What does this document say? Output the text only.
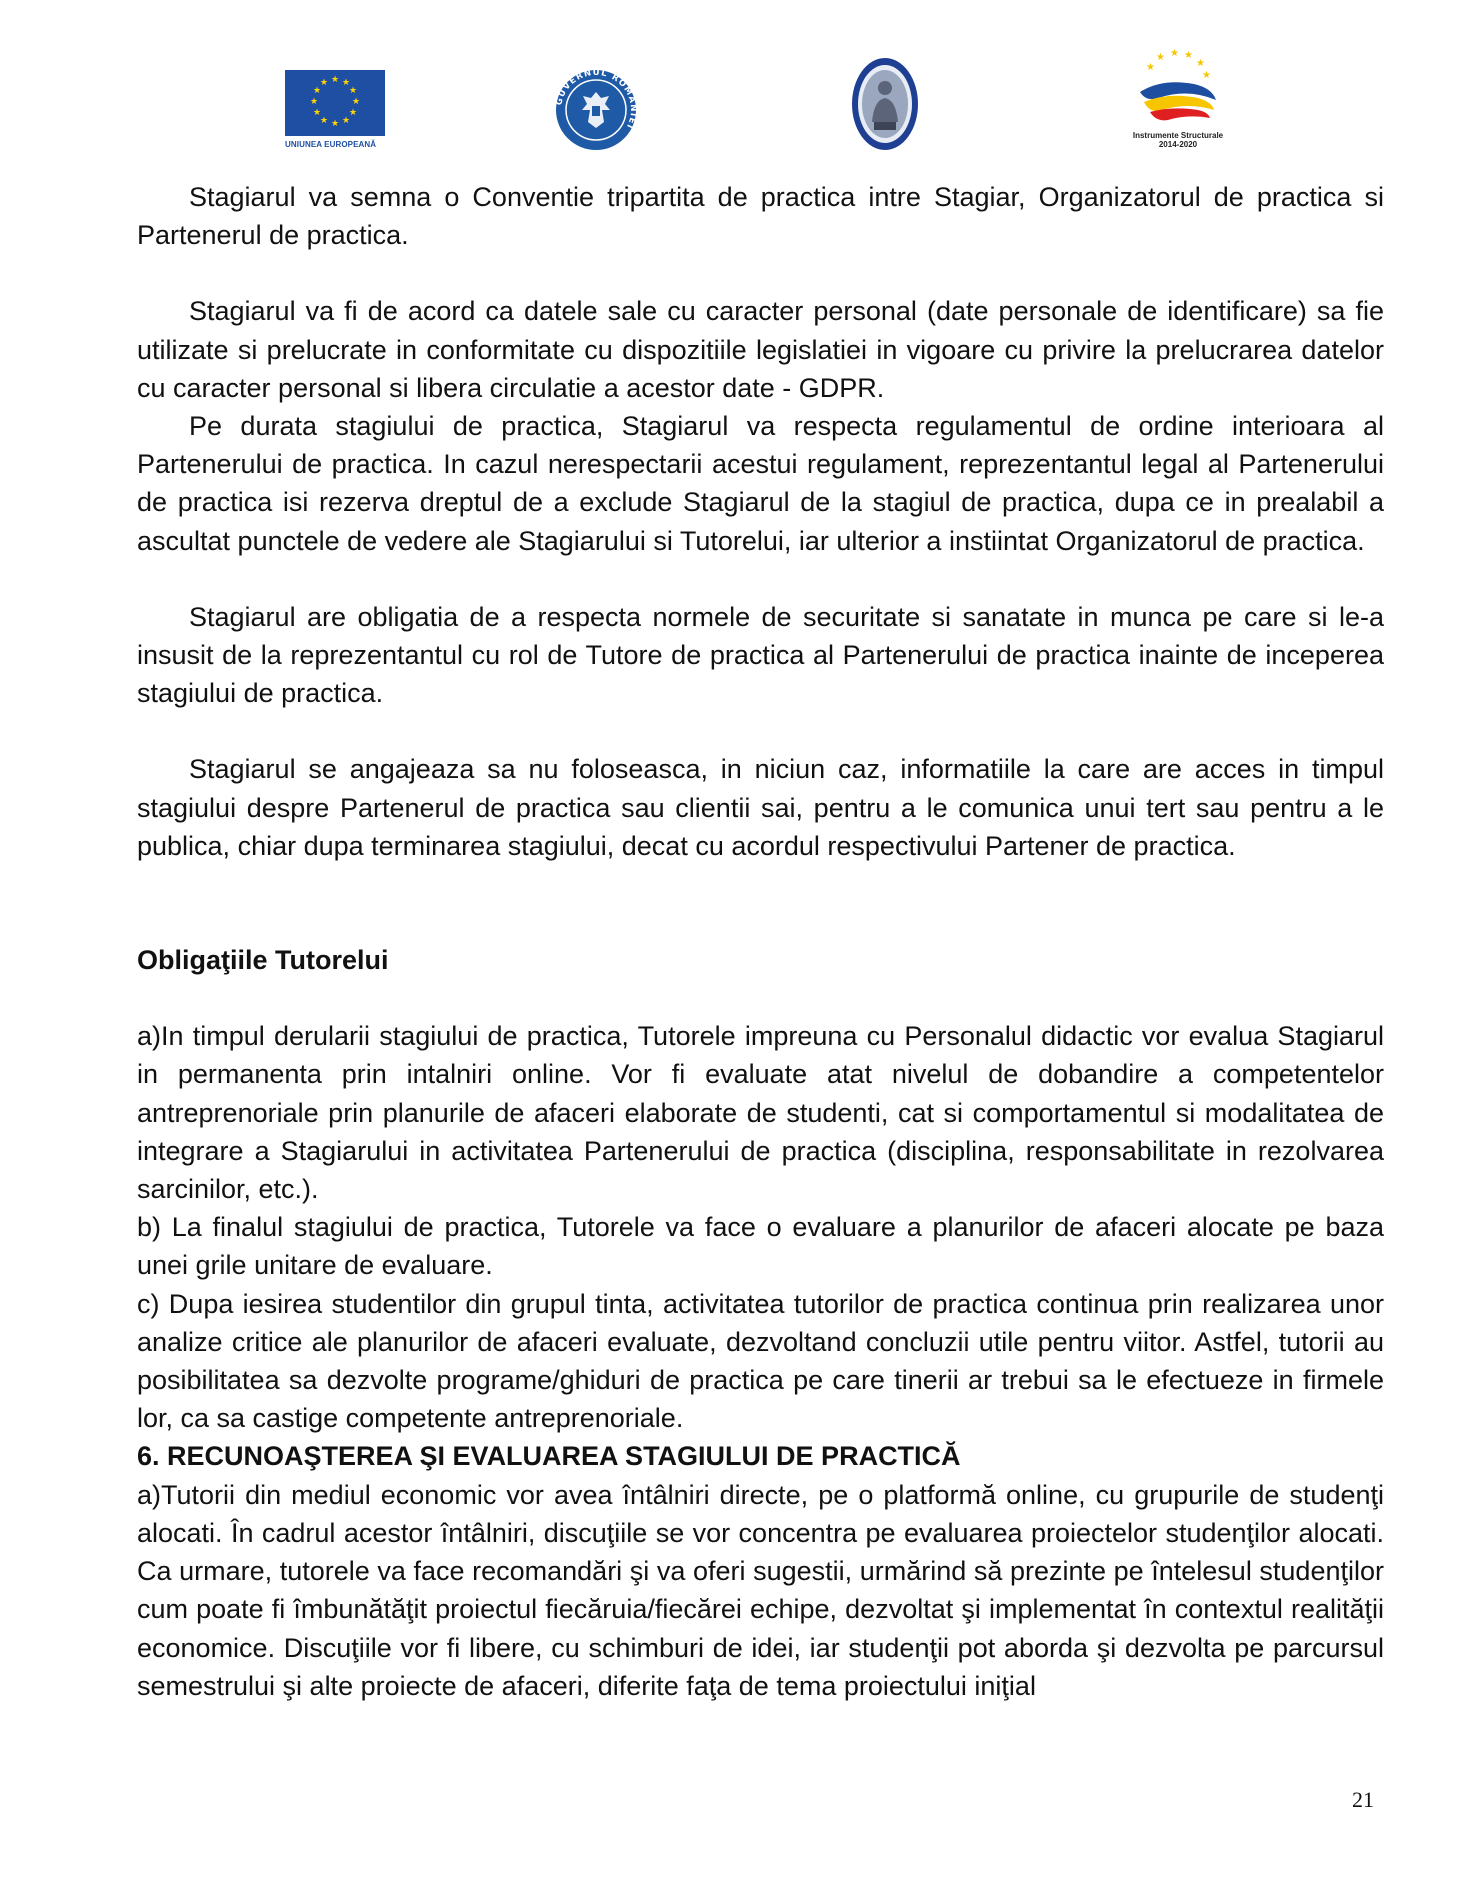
★ ★
★
★
★
★
★
★
★
★
★
★
UNIUNEA EUROPEANĂ
GUVERNUL ROMÂNIEI
★ ★ ★
★
★
★
Instrumente Structurale
2014-2020

Stagiarul va semna o Conventie tripartita de practica intre Stagiar, Organizatorul de practica si Partenerul de practica.

Stagiarul va fi de acord ca datele sale cu caracter personal (date personale de identificare) sa fie utilizate si prelucrate in conformitate cu dispozitiile legislatiei in vigoare cu privire la prelucrarea datelor cu caracter personal si libera circulatie a acestor date - GDPR.

Pe durata stagiului de practica, Stagiarul va respecta regulamentul de ordine interioara al Partenerului de practica. In cazul nerespectarii acestui regulament, reprezentantul legal al Partenerului de practica isi rezerva dreptul de a exclude Stagiarul de la stagiul de practica, dupa ce in prealabil a ascultat punctele de vedere ale Stagiarului si Tutorelui, iar ulterior a instiintat Organizatorul de practica.

Stagiarul are obligatia de a respecta normele de securitate si sanatate in munca pe care si le-a insusit de la reprezentantul cu rol de Tutore de practica al Partenerului de practica inainte de inceperea stagiului de practica.

Stagiarul se angajeaza sa nu foloseasca, in niciun caz, informatiile la care are acces in timpul stagiului despre Partenerul de practica sau clientii sai, pentru a le comunica unui tert sau pentru a le publica, chiar dupa terminarea stagiului, decat cu acordul respectivului Partener de practica.

Obligaţiile Tutorelui

a)In timpul derularii stagiului de practica, Tutorele impreuna cu Personalul didactic vor evalua Stagiarul in permanenta prin intalniri online. Vor fi evaluate atat nivelul de dobandire a competentelor antreprenoriale prin planurile de afaceri elaborate de studenti, cat si comportamentul si modalitatea de integrare a Stagiarului in activitatea Partenerului de practica (disciplina, responsabilitate in rezolvarea sarcinilor, etc.).

b) La finalul stagiului de practica, Tutorele va face o evaluare a planurilor de afaceri alocate pe baza unei grile unitare de evaluare.

c) Dupa iesirea studentilor din grupul tinta, activitatea tutorilor de practica continua prin realizarea unor analize critice ale planurilor de afaceri evaluate, dezvoltand concluzii utile pentru viitor. Astfel, tutorii au posibilitatea sa dezvolte programe/ghiduri de practica pe care tinerii ar trebui sa le efectueze in firmele lor, ca sa castige competente antreprenoriale.

6. RECUNOAŞTEREA ŞI EVALUAREA STAGIULUI DE PRACTICĂ

a)Tutorii din mediul economic vor avea întâlniri directe, pe o platformă online, cu grupurile de studenţi alocati. În cadrul acestor întâlniri, discuţiile se vor concentra pe evaluarea proiectelor studenţilor alocati. Ca urmare, tutorele va face recomandări şi va oferi sugestii, urmărind să prezinte pe întelesul studenţilor cum poate fi îmbunătăţit proiectul fiecăruia/fiecărei echipe, dezvoltat şi implementat în contextul realităţii economice. Discuţiile vor fi libere, cu schimburi de idei, iar studenţii pot aborda şi dezvolta pe parcursul semestrului şi alte proiecte de afaceri, diferite faţa de tema proiectului iniţial

21
